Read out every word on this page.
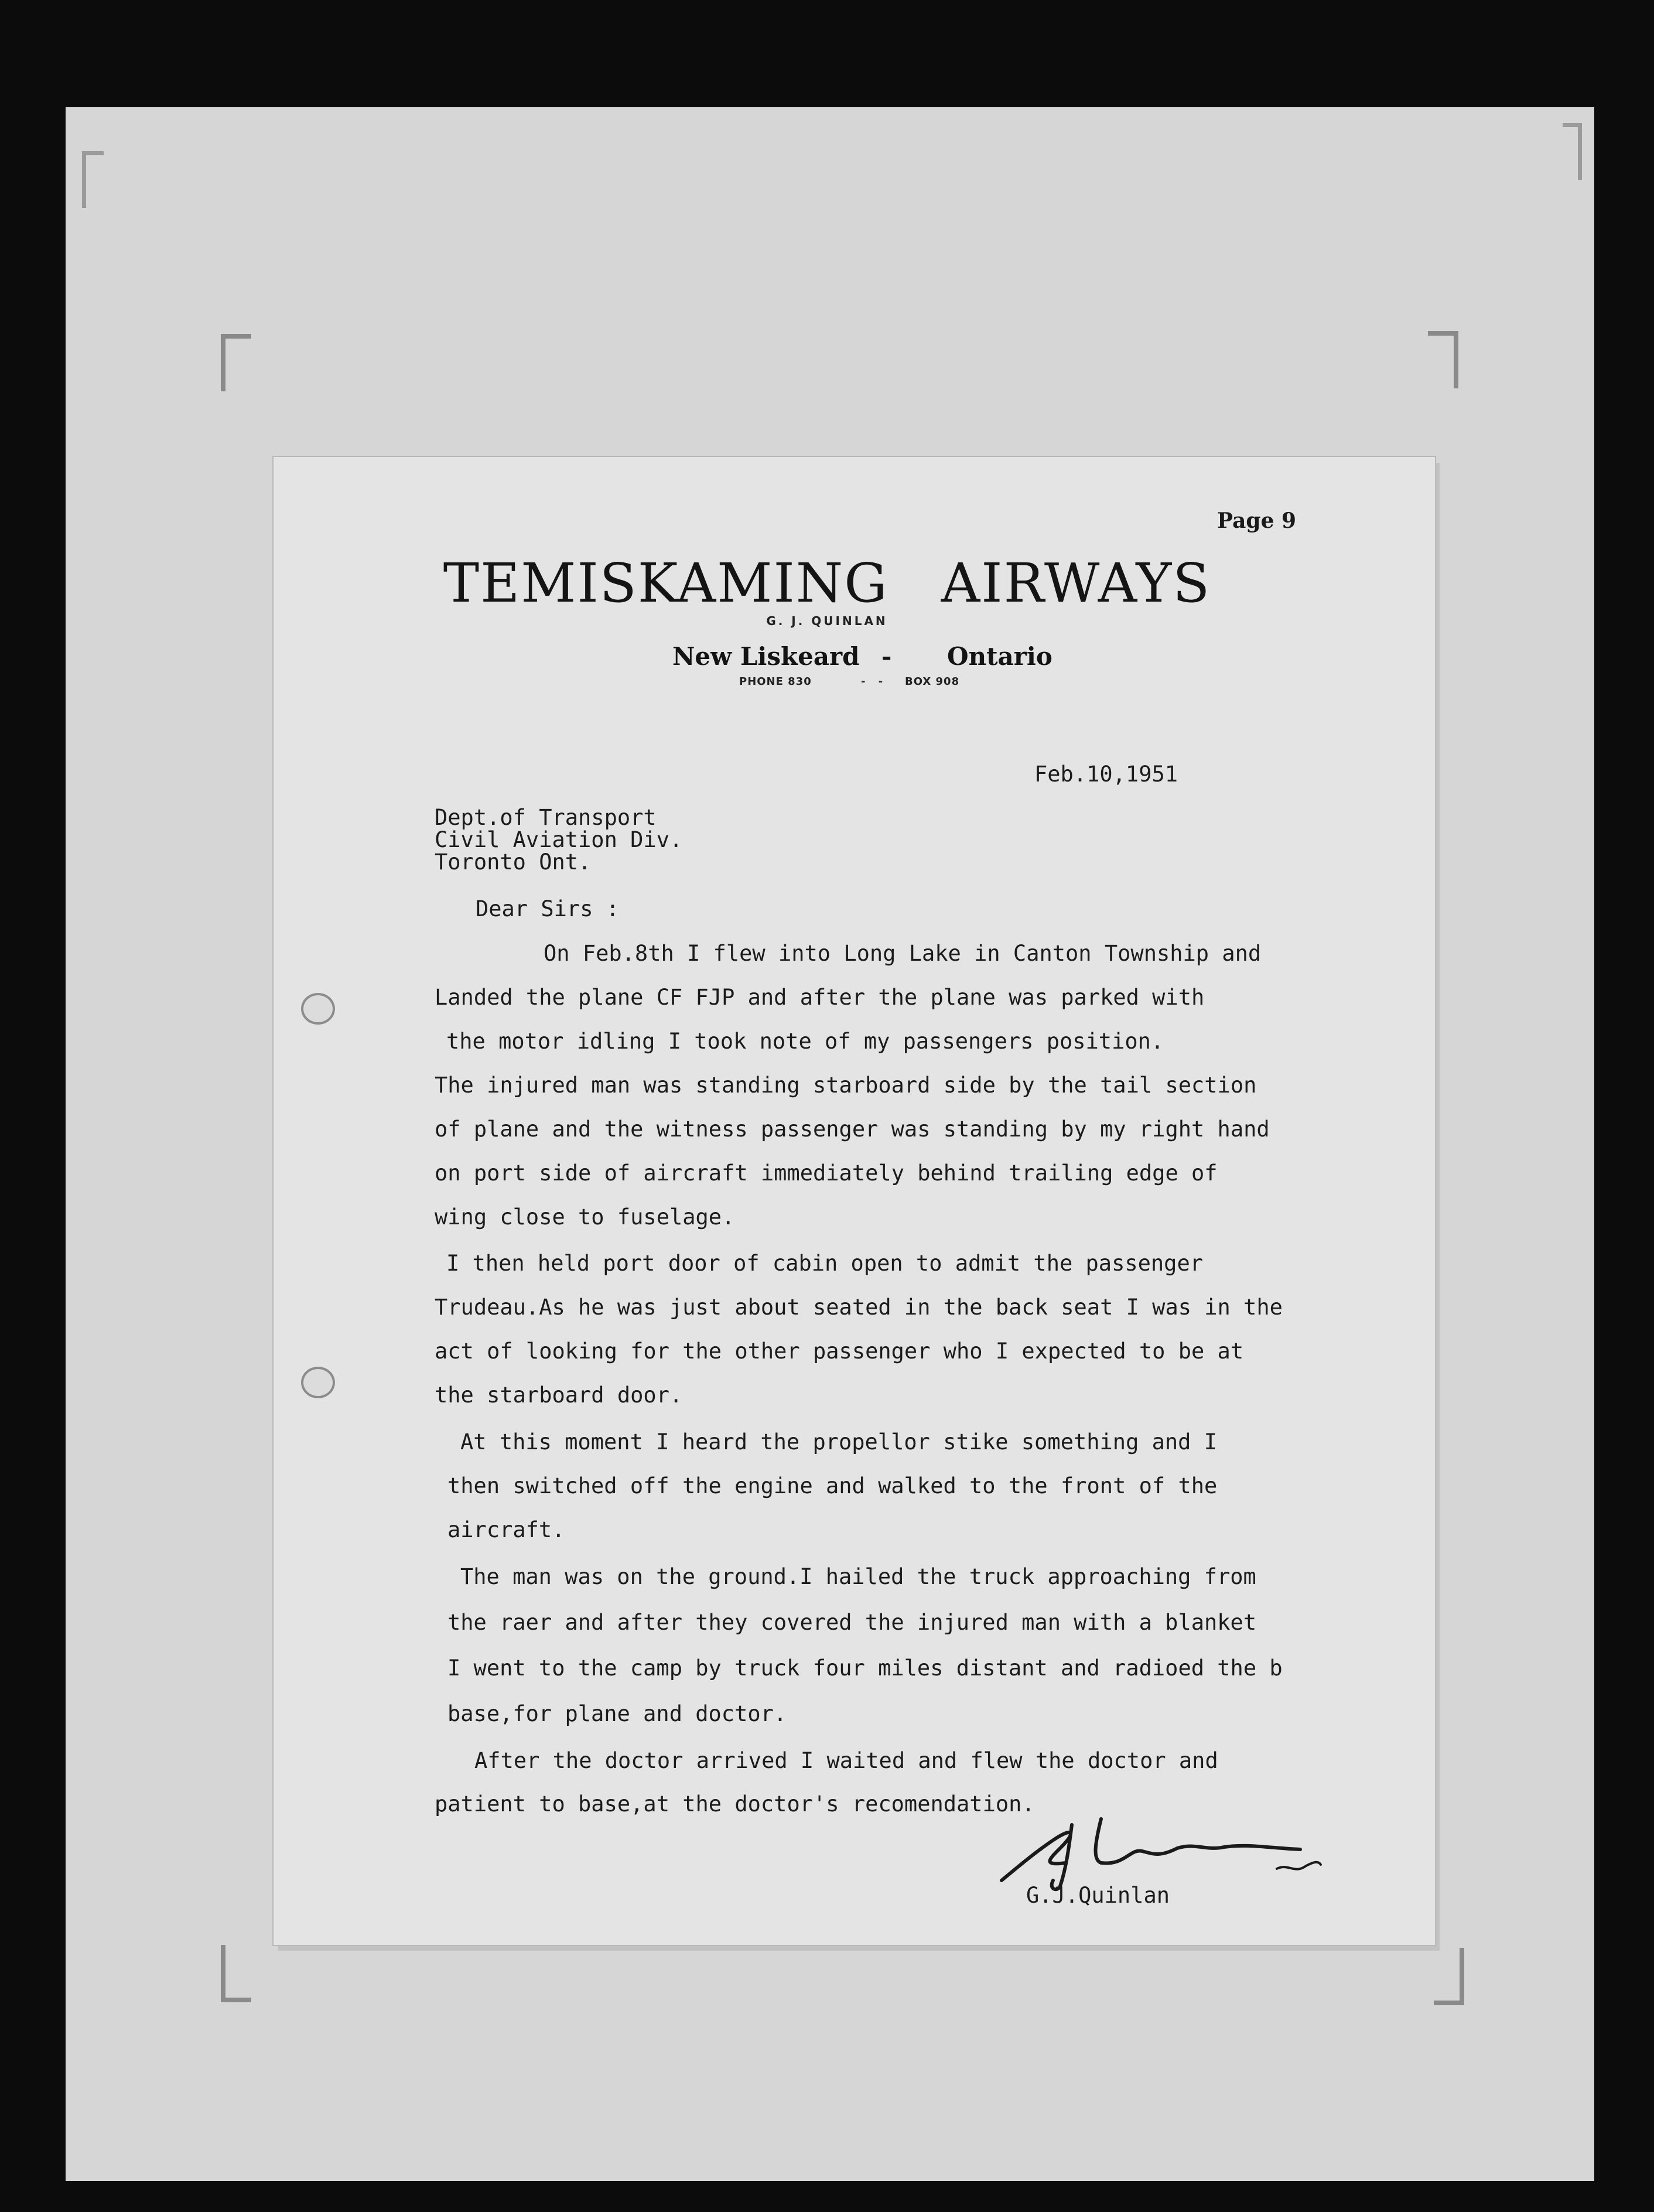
Page 9
TEMISKAMING AIRWAYS
G. J. QUINLAN
New Liskeard - Ontario
PHONE 830	- - BOX 908
Feb.10,1951
Dept.of Transport
Civil Aviation Div.
Toronto Ont.
Dear Sirs :
On Feb.8th I flew into Long Lake in Canton Township and
Landed the plane CF FJP and after the plane was parked with
the motor idling I took note of my passengers position.
The injured man was standing starboard side by the tail section
of plane and the witness passenger was standing by my right hand
on port side of aircraft immediately behind trailing edge of
wing close to fuselage.
I then held port door of cabin open to admit the passenger
Trudeau.As he was just about seated in the back seat I was in the
act of looking for the other passenger who I expected to be at
the starboard door.
At this moment I heard the propellor stike something and I
then switched off the engine and walked to the front of the
aircraft.
The man was on the ground.I hailed the truck approaching from
the raer and after they covered the injured man with a blanket
I went to the camp by truck four miles distant and radioed the b
base,for plane and doctor.
After the doctor arrived I waited and flew the doctor and
patient to base,at the doctor's recomendation.
G.J.Quinlan
